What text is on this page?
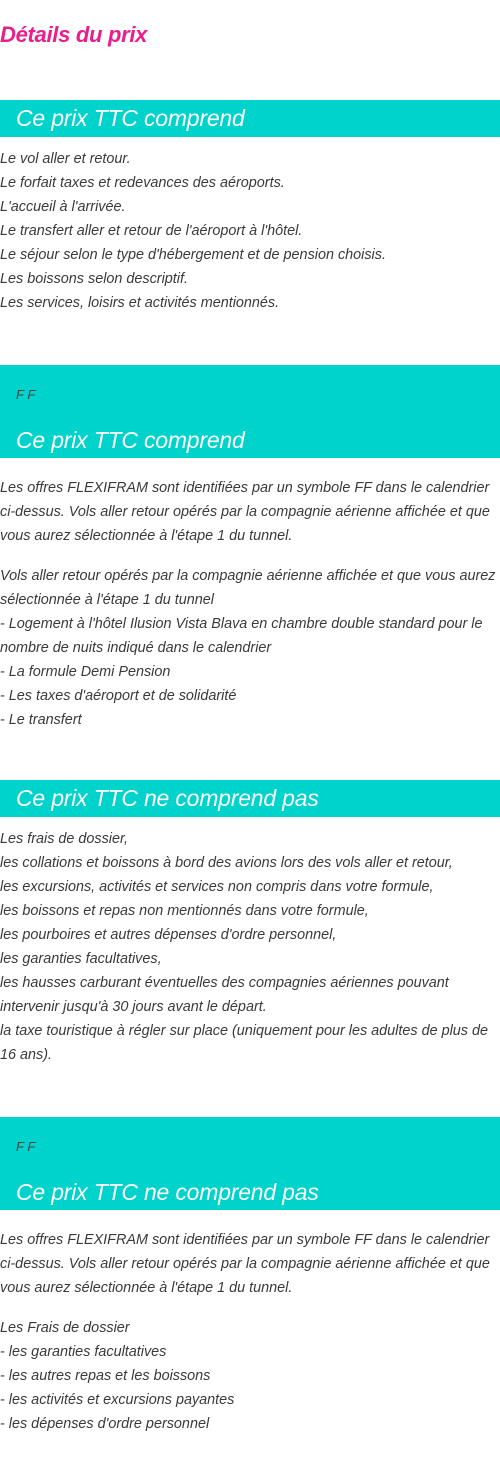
Détails du prix
Ce prix TTC comprend
Le vol aller et retour.
Le forfait taxes et redevances des aéroports.
L'accueil à l'arrivée.
Le transfert aller et retour de l'aéroport à l'hôtel.
Le séjour selon le type d'hébergement et de pension choisis.
Les boissons selon descriptif.
Les services, loisirs et activités mentionnés.

F F

Ce prix TTC comprend
Les offres FLEXIFRAM sont identifiées par un symbole FF dans le calendrier ci-dessus. Vols aller retour opérés par la compagnie aérienne affichée et que vous aurez sélectionnée à l'étape 1 du tunnel.
Vols aller retour opérés par la compagnie aérienne affichée et que vous aurez sélectionnée à l'étape 1 du tunnel
- Logement à l'hôtel Ilusion Vista Blava en chambre double standard pour le nombre de nuits indiqué dans le calendrier
- La formule Demi Pension
- Les taxes d'aéroport et de solidarité
- Le transfert
Ce prix TTC ne comprend pas
Les frais de dossier,
les collations et boissons à bord des avions lors des vols aller et retour,
les excursions, activités et services non compris dans votre formule,
les boissons et repas non mentionnés dans votre formule,
les pourboires et autres dépenses d'ordre personnel,
les garanties facultatives,
les hausses carburant éventuelles des compagnies aériennes pouvant intervenir jusqu'à 30 jours avant le départ.
la taxe touristique à régler sur place (uniquement pour les adultes de plus de 16 ans).

F F

Ce prix TTC ne comprend pas
Les offres FLEXIFRAM sont identifiées par un symbole FF dans le calendrier ci-dessus. Vols aller retour opérés par la compagnie aérienne affichée et que vous aurez sélectionnée à l'étape 1 du tunnel.
Les Frais de dossier
- les garanties facultatives
- les autres repas et les boissons
- les activités et excursions payantes
- les dépenses d'ordre personnel
